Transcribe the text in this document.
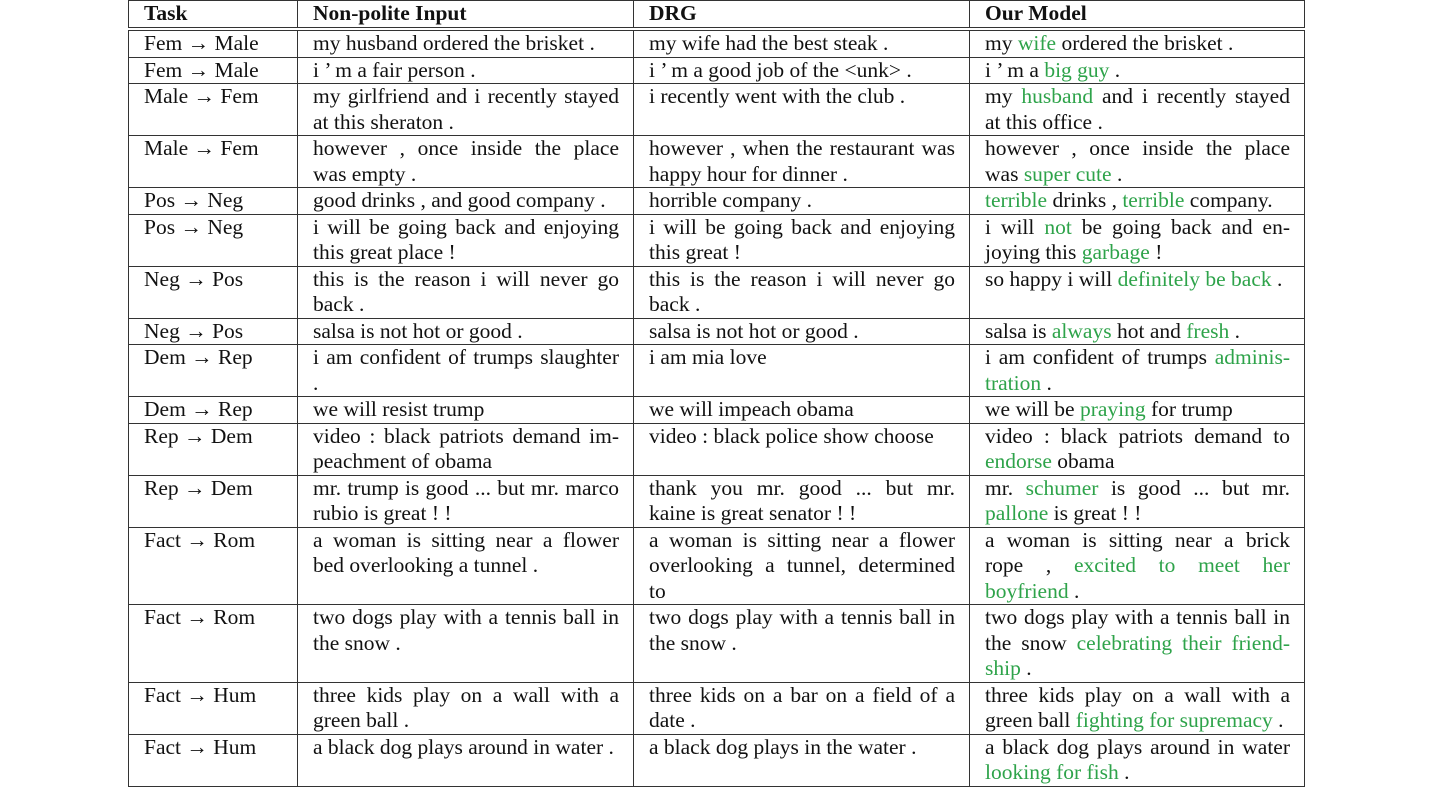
Task	Non-polite Input	DRG	Our Model
Fem → Male	my husband ordered the brisket .	my wife had the best steak .	my wife ordered the brisket .
Fem → Male	i ’ m a fair person .	i ’ m a good job of the <unk> .	i ’ m a big guy .
Male → Fem	my girlfriend and i recently stayed at this sheraton .	i recently went with the club .	my husband and i recently stayed at this office .
Male → Fem	however , once inside the place was empty .	however , when the restaurant was happy hour for dinner .	however , once inside the place was super cute .
Pos → Neg	good drinks , and good company .	horrible company .	terrible drinks , terrible company.
Pos → Neg	i will be going back and enjoying this great place !	i will be going back and enjoying this great !	i will not be going back and enjoying this garbage !
Neg → Pos	this is the reason i will never go back .	this is the reason i will never go back .	so happy i will definitely be back .
Neg → Pos	salsa is not hot or good .	salsa is not hot or good .	salsa is always hot and fresh .
Dem → Rep	i am confident of trumps slaughter .	i am mia love	i am confident of trumps administration .
Dem → Rep	we will resist trump	we will impeach obama	we will be praying for trump
Rep → Dem	video : black patriots demand impeachment of obama	video : black police show choose	video : black patriots demand to endorse obama
Rep → Dem	mr. trump is good ... but mr. marco rubio is great ! !	thank you mr. good ... but mr. kaine is great senator ! !	mr. schumer is good ... but mr. pallone is great ! !
Fact → Rom	a woman is sitting near a flower bed overlooking a tunnel .	a woman is sitting near a flower overlooking a tunnel, determined to	a woman is sitting near a brick rope , excited to meet her boyfriend .
Fact → Rom	two dogs play with a tennis ball in the snow .	two dogs play with a tennis ball in the snow .	two dogs play with a tennis ball in the snow celebrating their friendship .
Fact → Hum	three kids play on a wall with a green ball .	three kids on a bar on a field of a date .	three kids play on a wall with a green ball fighting for supremacy .
Fact → Hum	a black dog plays around in water .	a black dog plays in the water .	a black dog plays around in water looking for fish .
